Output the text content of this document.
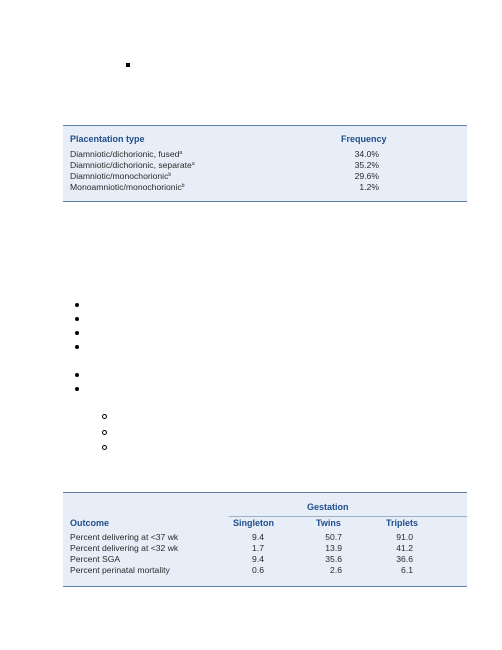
Placentation type	Frequency
Diamniotic/dichorionic, fused$^a$	34.0%
Diamniotic/dichorionic, separate$^a$	35.2%
Diamniotic/monochorionic$^b$	29.6%
Monoamniotic/monochorionic$^b$	1.2%
Gestation
Outcome	Singleton	Twins	Triplets
Percent delivering at <37 wk	9.4	50.7	91.0
Percent delivering at <32 wk	1.7	13.9	41.2
Percent SGA	9.4	35.6	36.6
Percent perinatal mortality	0.6	2.6	6.1
